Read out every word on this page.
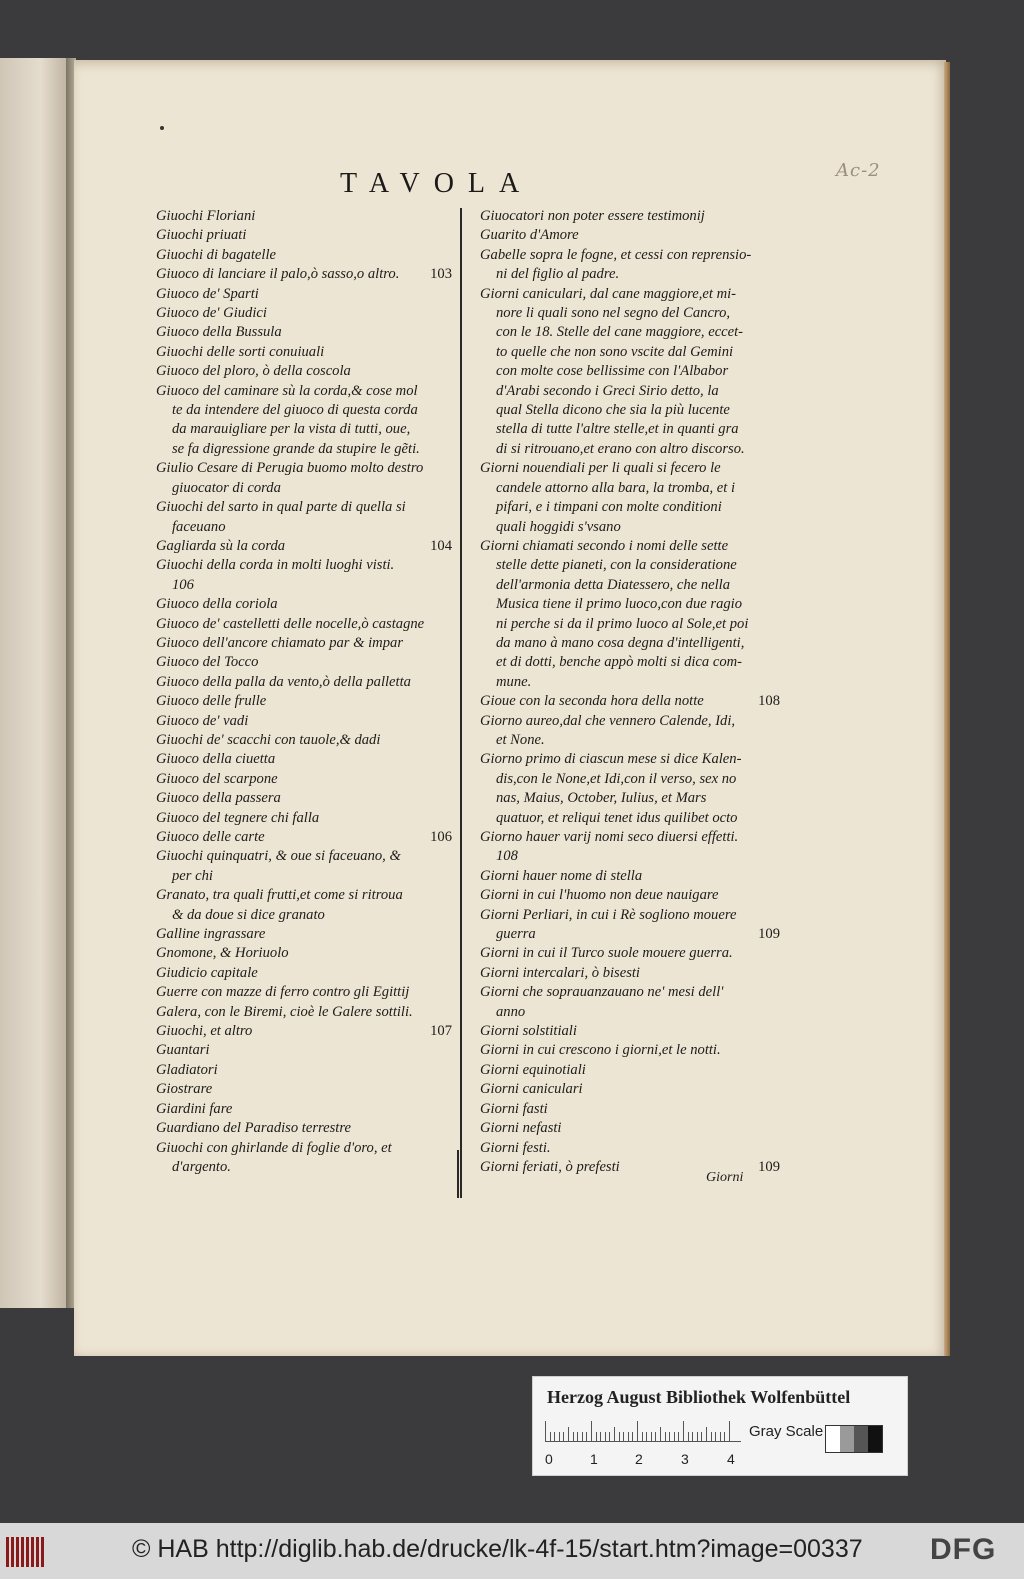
Ac-2
TAVOLA
Giuochi Floriani
Giuochi priuati
Giuochi di bagatelle
Giuoco di lanciare il palo,ò sasso,o altro. 103
Giuoco de' Sparti
Giuoco de' Giudici
Giuoco della Bussula
Giuochi delle sorti conuiuali
Giuoco del ploro, ò della coscola
Giuoco del caminare sù la corda,& cose mol
te da intendere del giuoco di questa corda
da marauigliare per la vista di tutti, oue,
se fa digressione grande da stupire le gẽti.
Giulio Cesare di Perugia buomo molto destro
giuocator di corda
Giuochi del sarto in qual parte di quella si
faceuano
Gagliarda sù la corda	104
Giuochi della corda in molti luoghi visti.
106
Giuoco della coriola
Giuoco de' castelletti delle nocelle,ò castagne
Giuoco dell'ancore chiamato par & impar
Giuoco del Tocco
Giuoco della palla da vento,ò della palletta
Giuoco delle frulle
Giuoco de' vadi
Giuochi de' scacchi con tauole,& dadi
Giuoco della ciuetta
Giuoco del scarpone
Giuoco della passera
Giuoco del tegnere chi falla
Giuoco delle carte	106
Giuochi quinquatri, & oue si faceuano, &
per chi
Granato, tra quali frutti,et come si ritroua
& da doue si dice granato
Galline ingrassare
Gnomone, & Horiuolo
Giudicio capitale
Guerre con mazze di ferro contro gli Egittij
Galera, con le Biremi, cioè le Galere sottili.
Giuochi, et altro	107
Guantari
Gladiatori
Giostrare
Giardini fare
Guardiano del Paradiso terrestre
Giuochi con ghirlande di foglie d'oro, et
d'argento.
Giuocatori non poter essere testimonij
Guarito d'Amore
Gabelle sopra le fogne, et cessi con reprensio-
ni del figlio al padre.
Giorni caniculari, dal cane maggiore,et mi-
nore li quali sono nel segno del Cancro,
con le 18. Stelle del cane maggiore, eccet-
to quelle che non sono vscite dal Gemini
con molte cose bellissime con l'Albabor
d'Arabi secondo i Greci Sirio detto, la
qual Stella dicono che sia la più lucente
stella di tutte l'altre stelle,et in quanti gra
di si ritrouano,et erano con altro discorso.
Giorni nouendiali per li quali si fecero le
candele attorno alla bara, la tromba, et i
pifari, e i timpani con molte conditioni
quali hoggidi s'vsano
Giorni chiamati secondo i nomi delle sette
stelle dette pianeti, con la consideratione
dell'armonia detta Diatessero, che nella
Musica tiene il primo luoco,con due ragio
ni perche si da il primo luoco al Sole,et poi
da mano à mano cosa degna d'intelligenti,
et di dotti, benche appò molti si dica com-
mune.
Gioue con la seconda hora della notte	108
Giorno aureo,dal che vennero Calende, Idi,
et None.
Giorno primo di ciascun mese si dice Kalen-
dis,con le None,et Idi,con il verso, sex no
nas, Maius, October, Iulius, et Mars
quatuor, et reliqui tenet idus quilibet octo
Giorno hauer varij nomi seco diuersi effetti.
108
Giorni hauer nome di stella
Giorni in cui l'huomo non deue nauigare
Giorni Perliari, in cui i Rè sogliono mouere
guerra	109
Giorni in cui il Turco suole mouere guerra.
Giorni intercalari, ò bisesti
Giorni che soprauanzauano ne' mesi dell'
anno
Giorni solstitiali
Giorni in cui crescono i giorni,et le notti.
Giorni equinotiali
Giorni caniculari
Giorni fasti
Giorni nefasti
Giorni festi.
Giorni feriati, ò prefesti	109
Giorni
Herzog August Bibliothek Wolfenbüttel
0	1	2	3	4
Gray Scale
© HAB http://diglib.hab.de/drucke/lk-4f-15/start.htm?image=00337 DFG
